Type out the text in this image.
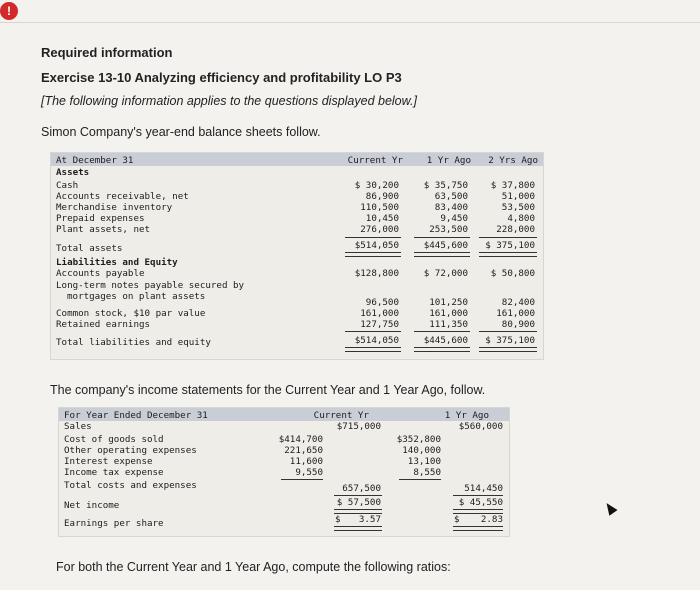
!
Required information
Exercise 13-10 Analyzing efficiency and profitability LO P3
[The following information applies to the questions displayed below.]
Simon Company's year-end balance sheets follow.
At December 31	Current Yr	1 Yr Ago	2 Yrs Ago
Assets
Cash	$ 30,200	$ 35,750	$ 37,800
Accounts receivable, net	86,900	63,500	51,000
Merchandise inventory	110,500	83,400	53,500
Prepaid expenses	10,450	9,450	4,800
Plant assets, net	276,000	253,500	228,000
Total assets	$514,050	$445,600	$ 375,100
Liabilities and Equity
Accounts payable	$128,800	$ 72,000	$ 50,800
Long-term notes payable secured by
mortgages on plant assets
96,500	101,250	82,400
Common stock, $10 par value	161,000	161,000	161,000
Retained earnings	127,750	111,350	80,900
Total liabilities and equity	$514,050	$445,600	$ 375,100
The company's income statements for the Current Year and 1 Year Ago, follow.
For Year Ended December 31	Current Yr	1 Yr Ago
Sales	$715,000	$560,000
Cost of goods sold	$414,700	$352,800
Other operating expenses	221,650	140,000
Interest expense	11,600	13,100
Income tax expense	9,550	8,550
Total costs and expenses	657,500	514,450
Net income	$ 57,500	$ 45,550
Earnings per share	$	3.57	$	2.83
For both the Current Year and 1 Year Ago, compute the following ratios:
